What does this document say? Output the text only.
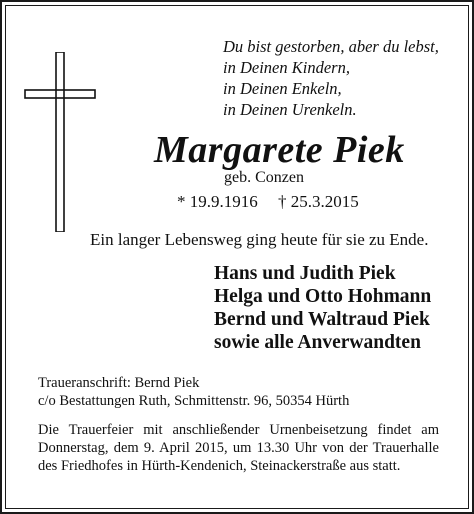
Du bist gestorben, aber du lebst,
in Deinen Kindern,
in Deinen Enkeln,
in Deinen Urenkeln.
Margarete Piek
geb. Conzen
* 19.9.1916 † 25.3.2015
Ein langer Lebensweg ging heute für sie zu Ende.
Hans und Judith Piek
Helga und Otto Hohmann
Bernd und Waltraud Piek
sowie alle Anverwandten
Traueranschrift: Bernd Piek
c/o Bestattungen Ruth, Schmittenstr. 96, 50354 Hürth
Die Trauerfeier mit anschließender Urnenbeisetzung findet am Donnerstag, dem 9. April 2015, um 13.30 Uhr von der Trauerhalle des Friedhofes in Hürth-Kendenich, Steinackerstraße aus statt.
